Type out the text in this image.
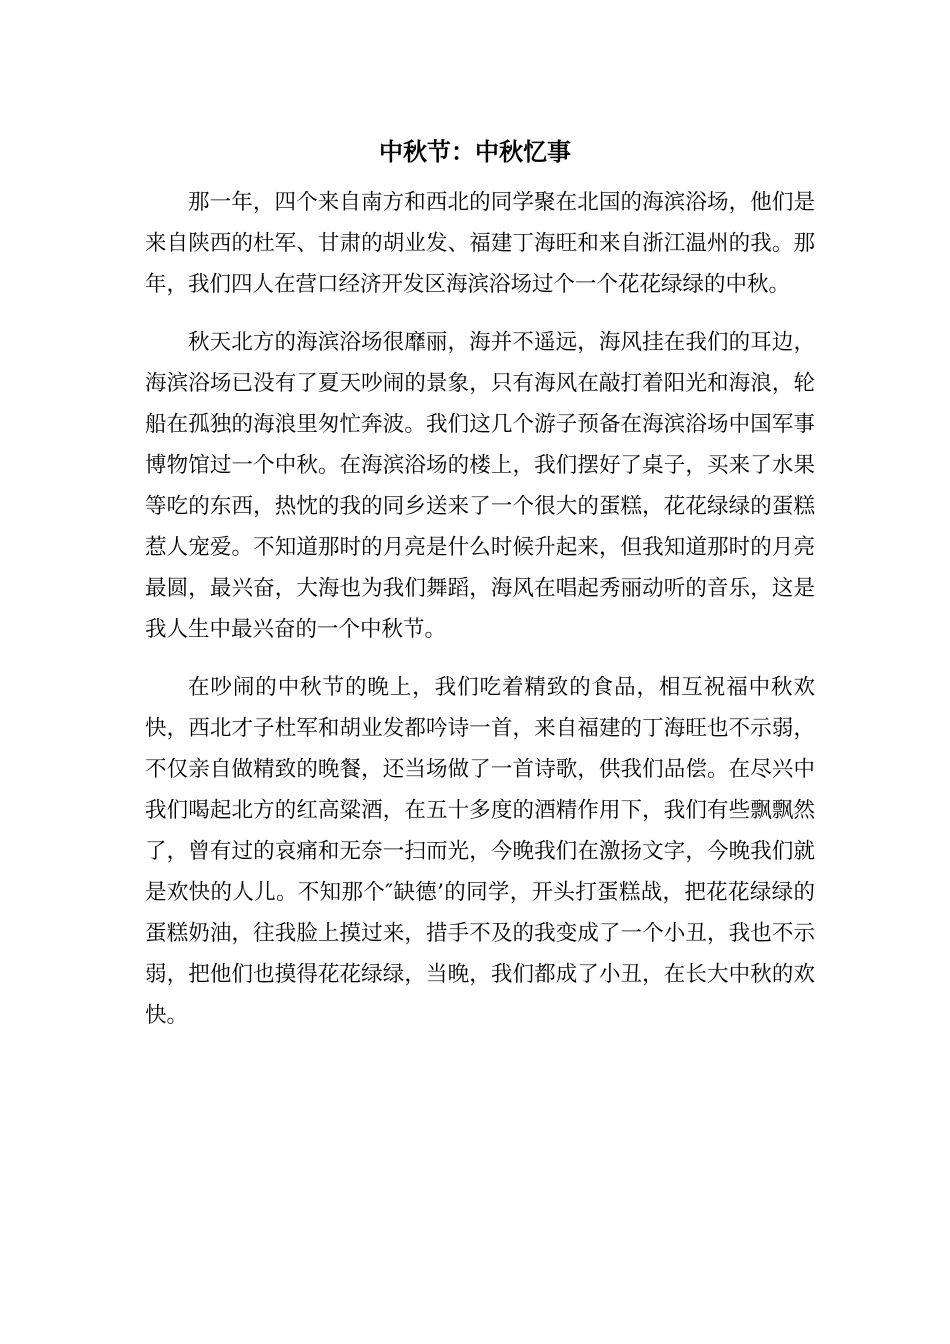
中秋节：中秋忆事

那一年，四个来自南方和西北的同学聚在北国的海滨浴场，他们是来自陕西的杜军、甘肃的胡业发、福建丁海旺和来自浙江温州的我。那年，我们四人在营口经济开发区海滨浴场过个一个花花绿绿的中秋。

秋天北方的海滨浴场很靡丽，海并不遥远，海风挂在我们的耳边，海滨浴场已没有了夏天吵闹的景象，只有海风在敲打着阳光和海浪，轮船在孤独的海浪里匆忙奔波。我们这几个游子预备在海滨浴场中国军事博物馆过一个中秋。在海滨浴场的楼上，我们摆好了桌子，买来了水果等吃的东西，热忱的我的同乡送来了一个很大的蛋糕，花花绿绿的蛋糕惹人宠爱。不知道那时的月亮是什么时候升起来，但我知道那时的月亮最圆，最兴奋，大海也为我们舞蹈，海风在唱起秀丽动听的音乐，这是我人生中最兴奋的一个中秋节。

在吵闹的中秋节的晚上，我们吃着精致的食品，相互祝福中秋欢快，西北才子杜军和胡业发都吟诗一首，来自福建的丁海旺也不示弱，不仅亲自做精致的晚餐，还当场做了一首诗歌，供我们品偿。在尽兴中我们喝起北方的红高粱酒，在五十多度的酒精作用下，我们有些飘飘然了，曾有过的哀痛和无奈一扫而光，今晚我们在激扬文字，今晚我们就是欢快的人儿。不知那个″缺德’的同学，开头打蛋糕战，把花花绿绿的蛋糕奶油，往我脸上摸过来，措手不及的我变成了一个小丑，我也不示弱，把他们也摸得花花绿绿，当晚，我们都成了小丑，在长大中秋的欢快。
